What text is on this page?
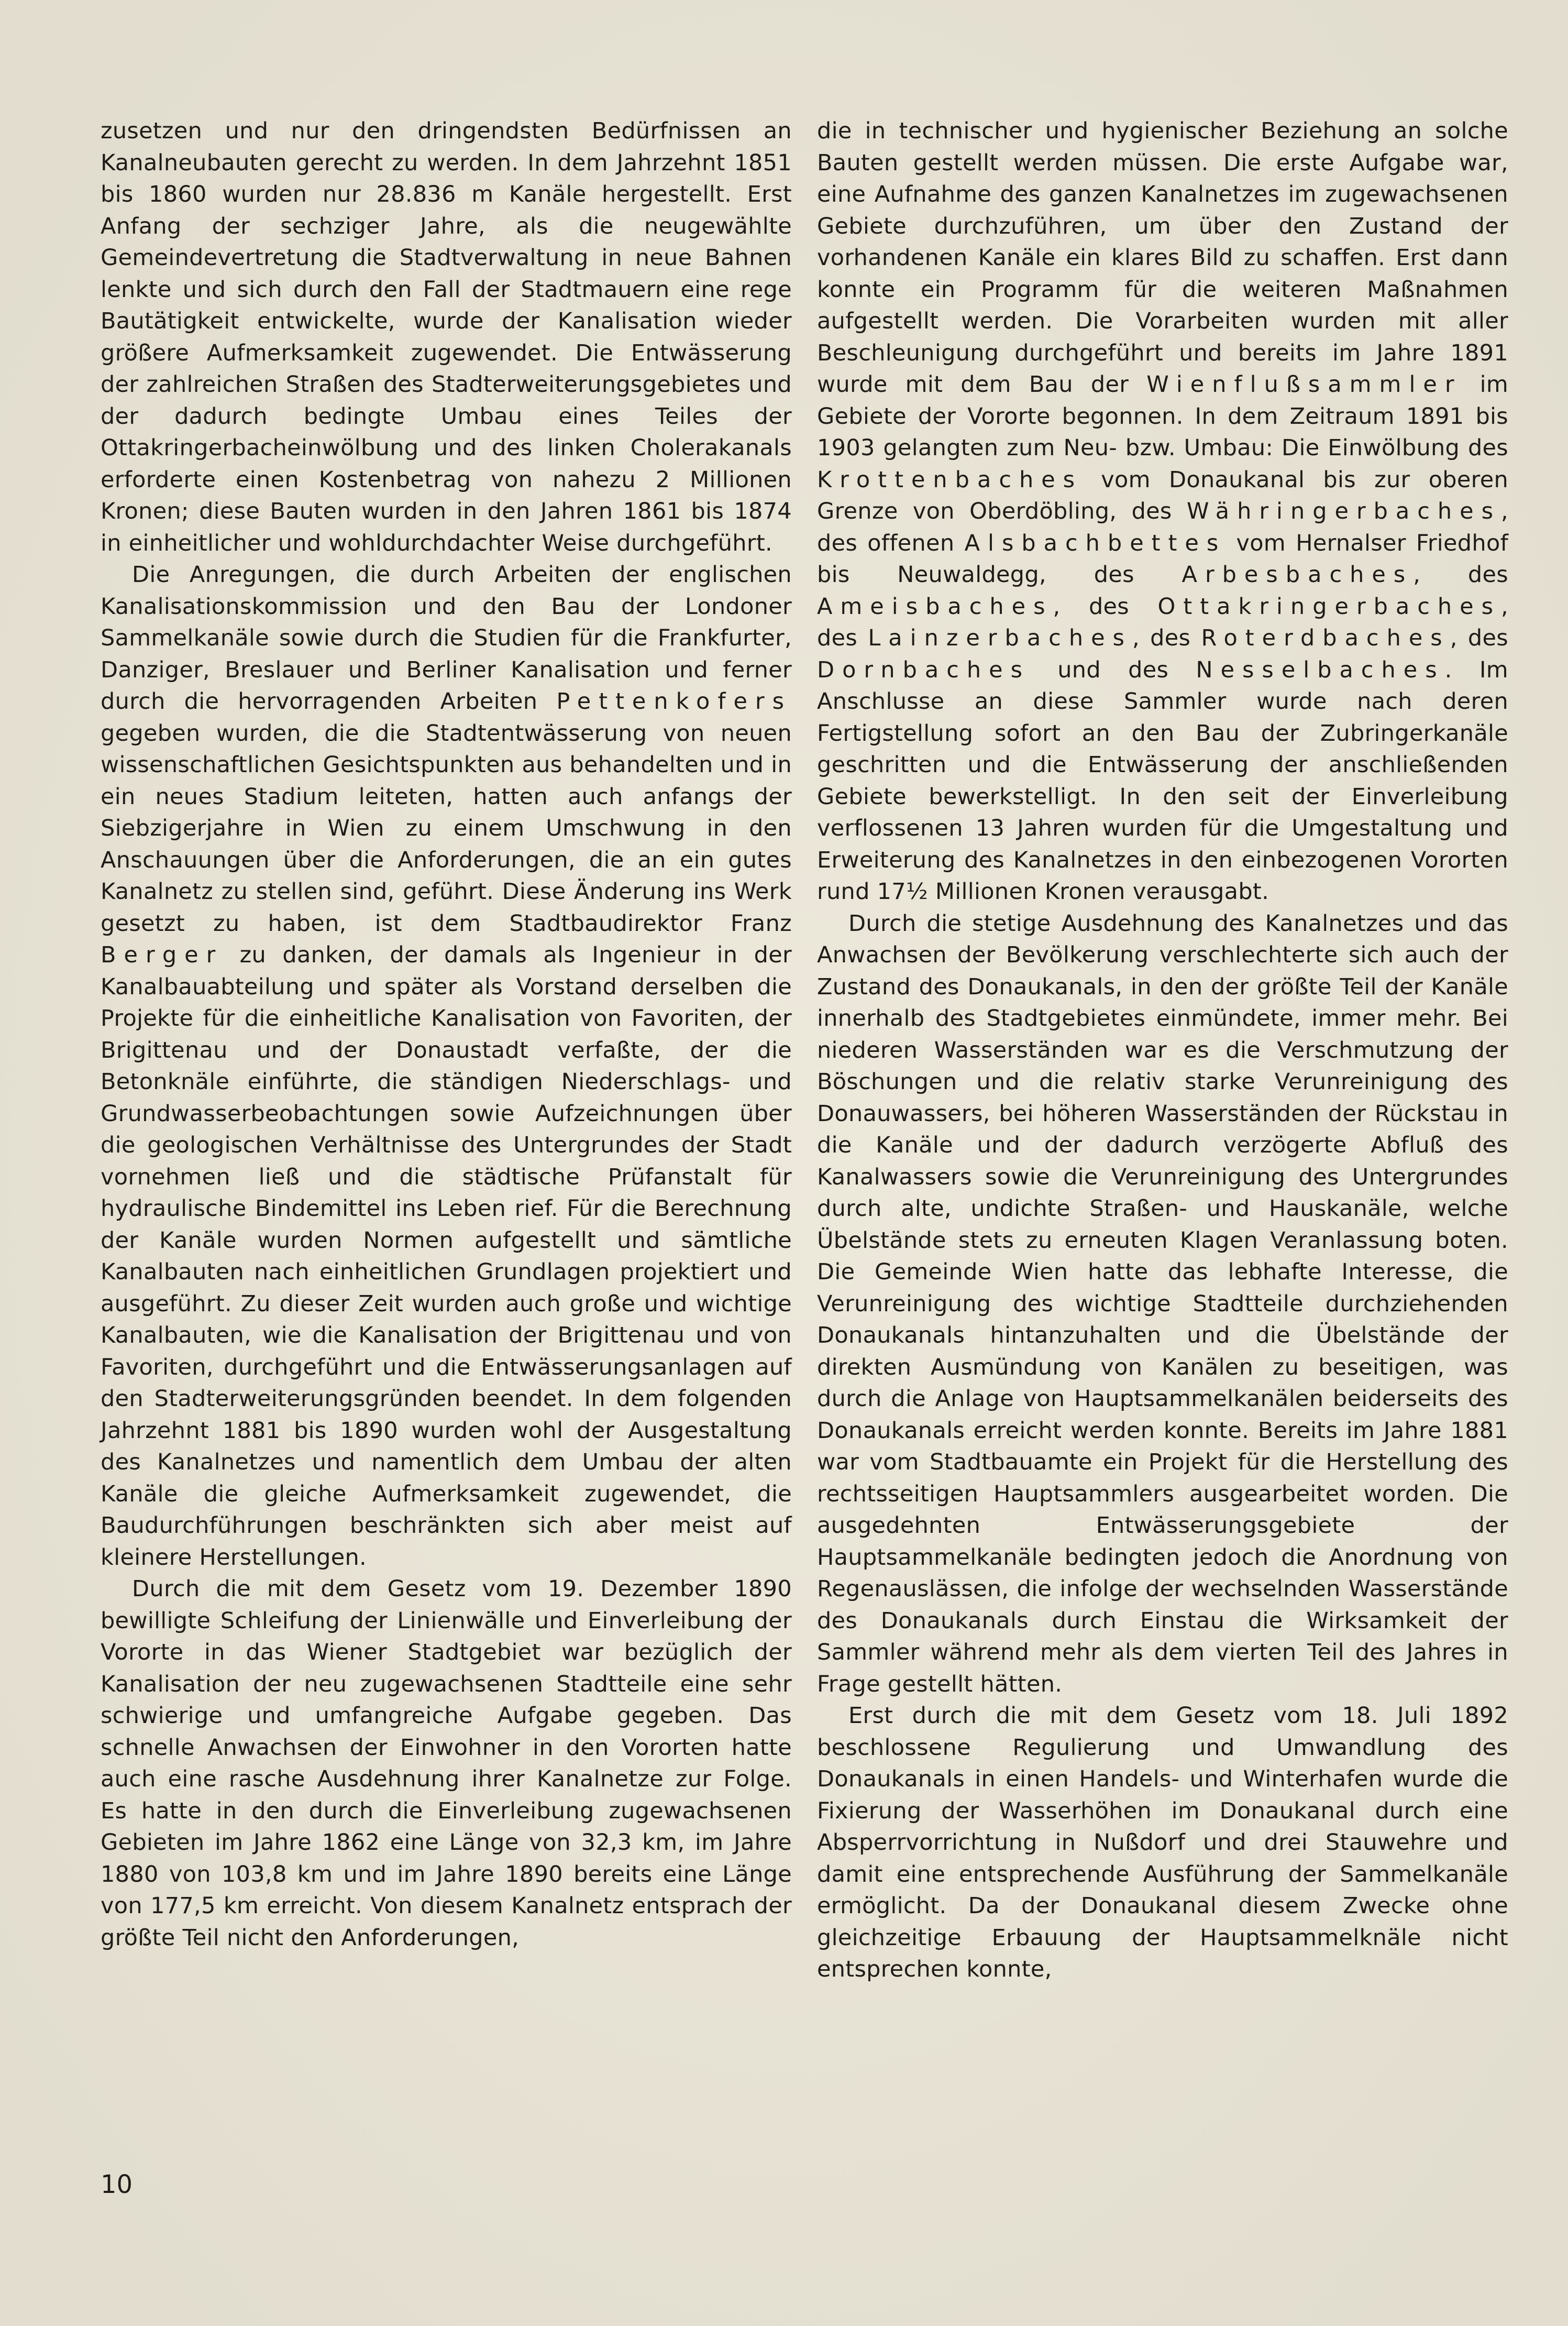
zusetzen und nur den dringendsten Bedürfnissen an Kanalneubauten gerecht zu werden. In dem Jahrzehnt 1851 bis 1860 wurden nur 28.836 m Kanäle hergestellt. Erst Anfang der sechziger Jahre, als die neugewählte Gemeindevertretung die Stadtverwaltung in neue Bahnen lenkte und sich durch den Fall der Stadtmauern eine rege Bautätigkeit entwickelte, wurde der Kanalisation wieder größere Aufmerksamkeit zugewendet. Die Entwässerung der zahlreichen Straßen des Stadterweiterungsgebietes und der dadurch bedingte Umbau eines Teiles der Ottakringerbacheinwölbung und des linken Cholerakanals erforderte einen Kostenbetrag von nahezu 2 Millionen Kronen; diese Bauten wurden in den Jahren 1861 bis 1874 in einheitlicher und wohldurchdachter Weise durchgeführt.

Die Anregungen, die durch Arbeiten der englischen Kanalisationskommission und den Bau der Londoner Sammelkanäle sowie durch die Studien für die Frankfurter, Danziger, Breslauer und Berliner Kanalisation und ferner durch die hervorragenden Arbeiten Pettenkofers gegeben wurden, die die Stadtentwässerung von neuen wissenschaftlichen Gesichtspunkten aus behandelten und in ein neues Stadium leiteten, hatten auch anfangs der Siebzigerjahre in Wien zu einem Umschwung in den Anschauungen über die Anforderungen, die an ein gutes Kanalnetz zu stellen sind, geführt. Diese Änderung ins Werk gesetzt zu haben, ist dem Stadtbaudirektor Franz Berger zu danken, der damals als Ingenieur in der Kanalbauabteilung und später als Vorstand derselben die Projekte für die einheitliche Kanalisation von Favoriten, der Brigittenau und der Donaustadt verfaßte, der die Betonknäle einführte, die ständigen Niederschlags- und Grundwasserbeobachtungen sowie Aufzeichnungen über die geologischen Verhältnisse des Untergrundes der Stadt vornehmen ließ und die städtische Prüfanstalt für hydraulische Bindemittel ins Leben rief. Für die Berechnung der Kanäle wurden Normen aufgestellt und sämtliche Kanalbauten nach einheitlichen Grundlagen projektiert und ausgeführt. Zu dieser Zeit wurden auch große und wichtige Kanalbauten, wie die Kanalisation der Brigittenau und von Favoriten, durchgeführt und die Entwässerungsanlagen auf den Stadterweiterungsgründen beendet. In dem folgenden Jahrzehnt 1881 bis 1890 wurden wohl der Ausgestaltung des Kanalnetzes und namentlich dem Umbau der alten Kanäle die gleiche Aufmerksamkeit zugewendet, die Baudurchführungen beschränkten sich aber meist auf kleinere Herstellungen.

Durch die mit dem Gesetz vom 19. Dezember 1890 bewilligte Schleifung der Linienwälle und Einverleibung der Vororte in das Wiener Stadtgebiet war bezüglich der Kanalisation der neu zugewachsenen Stadtteile eine sehr schwierige und umfangreiche Aufgabe gegeben. Das schnelle Anwachsen der Einwohner in den Vororten hatte auch eine rasche Ausdehnung ihrer Kanalnetze zur Folge. Es hatte in den durch die Einverleibung zugewachsenen Gebieten im Jahre 1862 eine Länge von 32,3 km, im Jahre 1880 von 103,8 km und im Jahre 1890 bereits eine Länge von 177,5 km erreicht. Von diesem Kanalnetz entsprach der größte Teil nicht den Anforderungen,

die in technischer und hygienischer Beziehung an solche Bauten gestellt werden müssen. Die erste Aufgabe war, eine Aufnahme des ganzen Kanalnetzes im zugewachsenen Gebiete durchzuführen, um über den Zustand der vorhandenen Kanäle ein klares Bild zu schaffen. Erst dann konnte ein Programm für die weiteren Maßnahmen aufgestellt werden. Die Vorarbeiten wurden mit aller Beschleunigung durchgeführt und bereits im Jahre 1891 wurde mit dem Bau der Wienflußsammler im Gebiete der Vororte begonnen. In dem Zeitraum 1891 bis 1903 gelangten zum Neu- bzw. Umbau: Die Einwölbung des Krottenbaches vom Donaukanal bis zur oberen Grenze von Oberdöbling, des Währingerbaches, des offenen Alsbachbettes vom Hernalser Friedhof bis Neuwaldegg, des Arbesbaches, des Ameisbaches, des Ottakringerbaches, des Lainzerbaches, des Roterdbaches, des Dornbaches und des Nesselbaches. Im Anschlusse an diese Sammler wurde nach deren Fertigstellung sofort an den Bau der Zubringerkanäle geschritten und die Entwässerung der anschließenden Gebiete bewerkstelligt. In den seit der Einverleibung verflossenen 13 Jahren wurden für die Umgestaltung und Erweiterung des Kanalnetzes in den einbezogenen Vororten rund 17½ Millionen Kronen verausgabt.

Durch die stetige Ausdehnung des Kanalnetzes und das Anwachsen der Bevölkerung verschlechterte sich auch der Zustand des Donaukanals, in den der größte Teil der Kanäle innerhalb des Stadtgebietes einmündete, immer mehr. Bei niederen Wasserständen war es die Verschmutzung der Böschungen und die relativ starke Verunreinigung des Donauwassers, bei höheren Wasserständen der Rückstau in die Kanäle und der dadurch verzögerte Abfluß des Kanalwassers sowie die Verunreinigung des Untergrundes durch alte, undichte Straßen- und Hauskanäle, welche Übelstände stets zu erneuten Klagen Veranlassung boten. Die Gemeinde Wien hatte das lebhafte Interesse, die Verunreinigung des wichtige Stadtteile durchziehenden Donaukanals hintanzuhalten und die Übelstände der direkten Ausmündung von Kanälen zu beseitigen, was durch die Anlage von Hauptsammelkanälen beiderseits des Donaukanals erreicht werden konnte. Bereits im Jahre 1881 war vom Stadtbauamte ein Projekt für die Herstellung des rechtsseitigen Hauptsammlers ausgearbeitet worden. Die ausgedehnten Entwässerungsgebiete der Hauptsammelkanäle bedingten jedoch die Anordnung von Regenauslässen, die infolge der wechselnden Wasserstände des Donaukanals durch Einstau die Wirksamkeit der Sammler während mehr als dem vierten Teil des Jahres in Frage gestellt hätten.

Erst durch die mit dem Gesetz vom 18. Juli 1892 beschlossene Regulierung und Umwandlung des Donaukanals in einen Handels- und Winterhafen wurde die Fixierung der Wasserhöhen im Donaukanal durch eine Absperrvorrichtung in Nußdorf und drei Stauwehre und damit eine entsprechende Ausführung der Sammelkanäle ermöglicht. Da der Donaukanal diesem Zwecke ohne gleichzeitige Erbauung der Hauptsammelknäle nicht entsprechen konnte,

10
